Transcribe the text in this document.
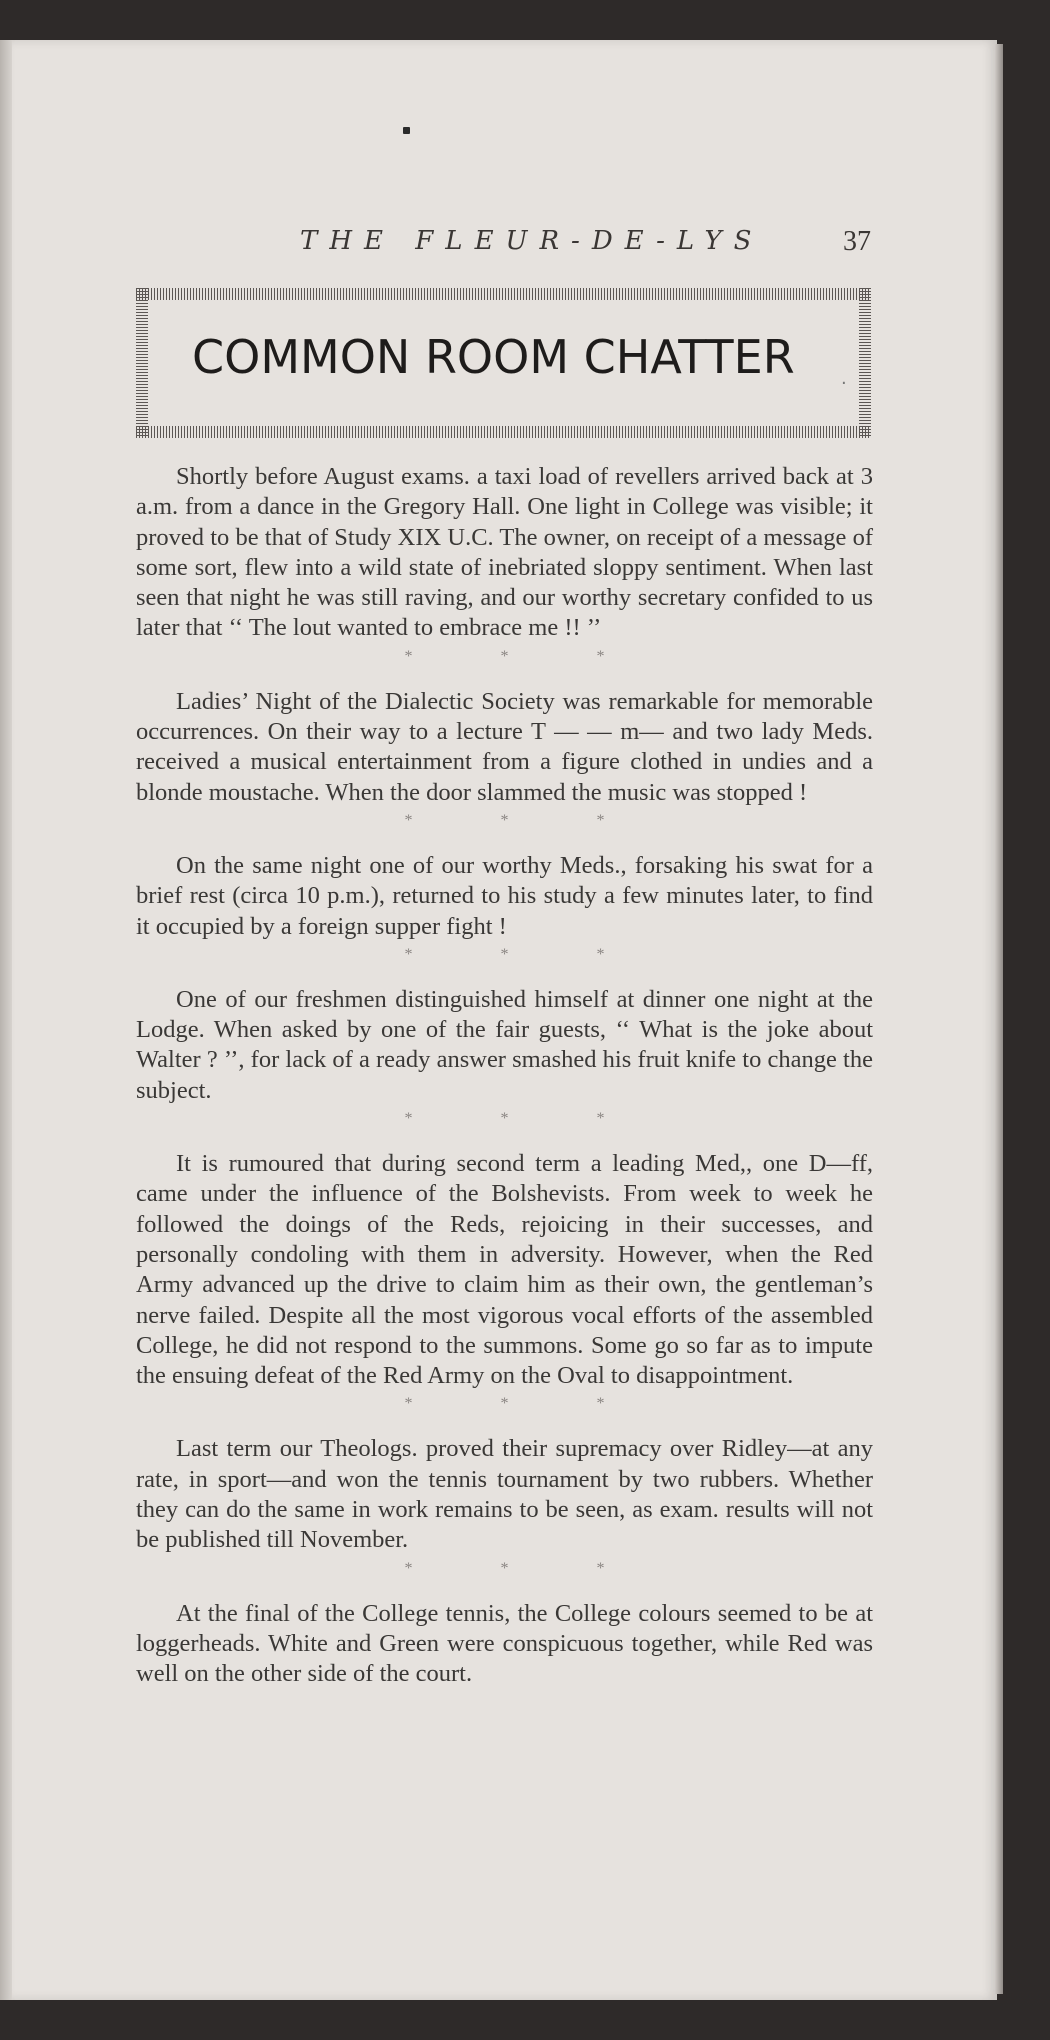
THE FLEUR-DE-LYS	37
COMMON ROOM CHATTER	.

Shortly before August exams. a taxi load of revellers arrived back at 3 a.m. from a dance in the Gregory Hall. One light in College was visible; it proved to be that of Study XIX U.C. The owner, on receipt of a message of some sort, flew into a wild state of inebriated sloppy sentiment. When last seen that night he was still raving, and our worthy secretary confided to us later that ‘‘ The lout wanted to embrace me !! ’’

*	*	*

Ladies’ Night of the Dialectic Society was remarkable for memorable occurrences. On their way to a lecture T — — m— and two lady Meds. received a musical entertainment from a figure clothed in undies and a blonde moustache. When the door slammed the music was stopped !

*	*	*

On the same night one of our worthy Meds., forsaking his swat for a brief rest (circa 10 p.m.), returned to his study a few minutes later, to find it occupied by a foreign supper fight !

*	*	*

One of our freshmen distinguished himself at dinner one night at the Lodge. When asked by one of the fair guests, ‘‘ What is the joke about Walter ? ’’, for lack of a ready answer smashed his fruit knife to change the subject.

*	*	*

It is rumoured that during second term a leading Med,, one D—ff, came under the influence of the Bolshevists. From week to week he followed the doings of the Reds, rejoicing in their successes, and personally condoling with them in adversity. However, when the Red Army advanced up the drive to claim him as their own, the gentleman’s nerve failed. Despite all the most vigorous vocal efforts of the assembled College, he did not respond to the summons. Some go so far as to impute the ensuing defeat of the Red Army on the Oval to disappointment.

*	*	*

Last term our Theologs. proved their supremacy over Ridley—at any rate, in sport—and won the tennis tournament by two rubbers. Whether they can do the same in work remains to be seen, as exam. results will not be published till November.

*	*	*

At the final of the College tennis, the College colours seemed to be at loggerheads. White and Green were conspicuous together, while Red was well on the other side of the court.
